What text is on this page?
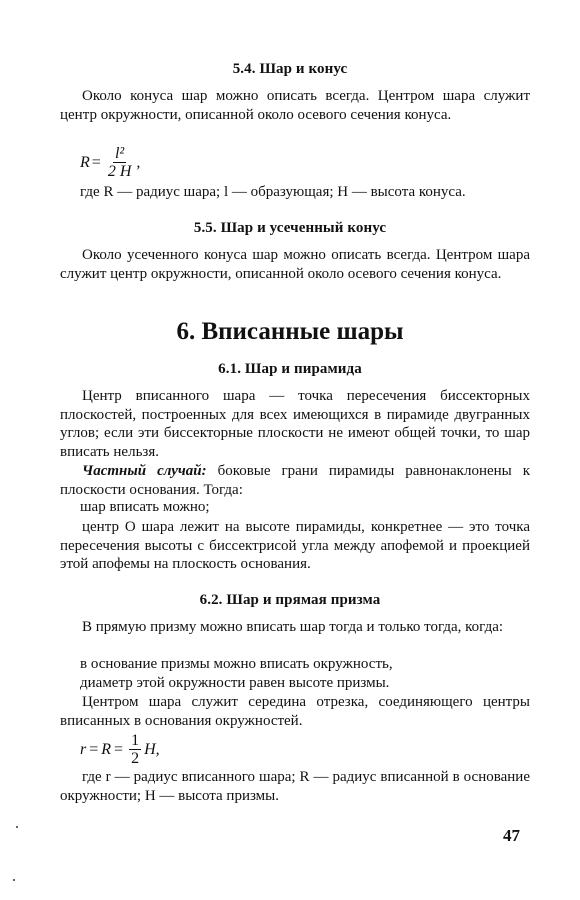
5.4. Шар и конус
Около конуса шар можно описать всегда. Центром шара служит центр окружности, описанной около осевого сечения конуса.
$R = \frac{\text{l²}}{2 H}$ ,
где R — радиус шара; l — образующая; H — высота конуса.
5.5. Шар и усеченный конус
Около усеченного конуса шар можно описать всегда. Центром шара служит центр окружности, описанной около осевого сечения конуса.
6. Вписанные шары
6.1. Шар и пирамида
Центр вписанного шара — точка пересечения биссекторных плоскостей, построенных для всех имеющихся в пирамиде двугранных углов; если эти биссекторные плоскости не имеют общей точки, то шар вписать нельзя.
Частный случай: боковые грани пирамиды равнонаклонены к плоскости основания. Тогда:
шар вписать можно;
центр O шара лежит на высоте пирамиды, конкретнее — это точка пересечения высоты с биссектрисой угла между апофемой и проекцией этой апофемы на плоскость основания.
6.2. Шар и прямая призма
В прямую призму можно вписать шар тогда и только тогда, когда:
в основание призмы можно вписать окружность,
диаметр этой окружности равен высоте призмы.
Центром шара служит середина отрезка, соединяющего центры вписанных в основания окружностей.
$r = R = \frac{1}{2} H$,
где r — радиус вписанного шара; R — радиус вписанной в основание окружности; H — высота призмы.
47
